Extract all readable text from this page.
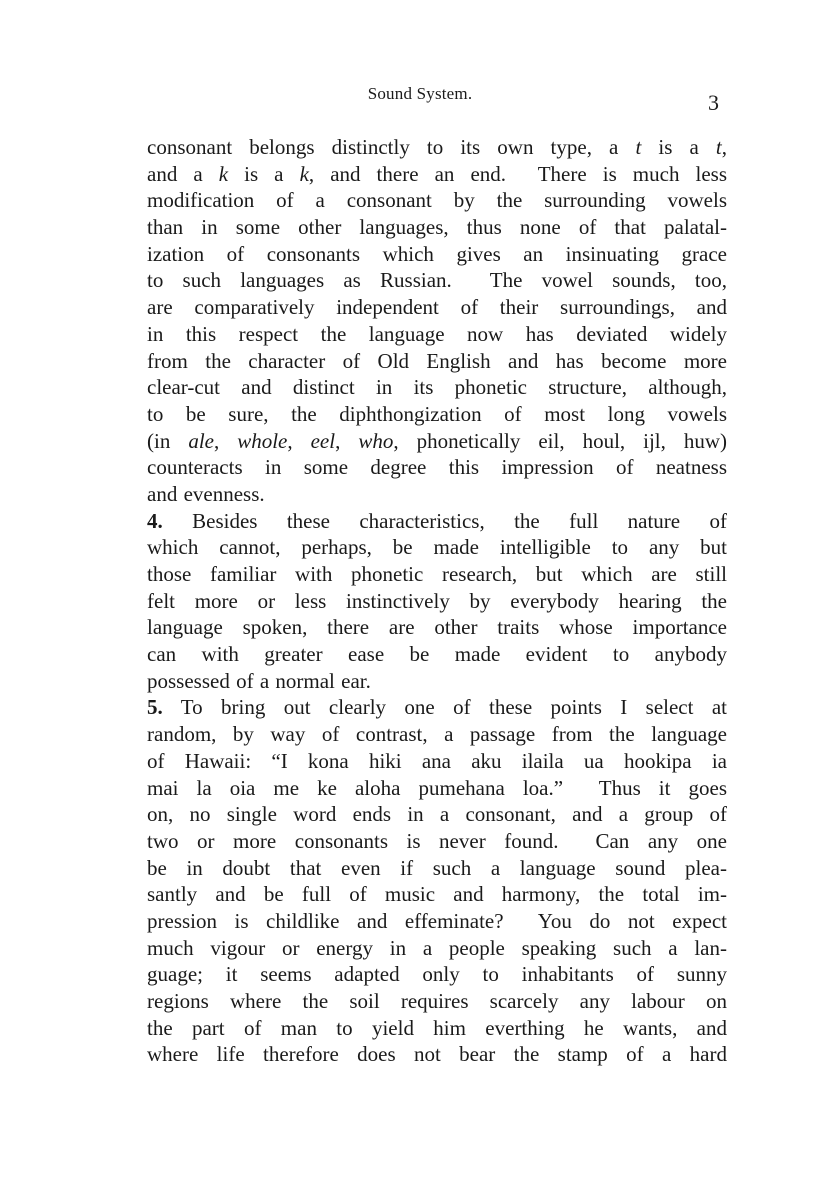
Sound System.	3
consonant belongs distinctly to its own type, a t is a t,
and a k is a k, and there an end.  There is much less
modification of a consonant by the surrounding vowels
than in some other languages, thus none of that palatal-
ization of consonants which gives an insinuating grace
to such languages as Russian.  The vowel sounds, too,
are comparatively independent of their surroundings, and
in this respect the language now has deviated widely
from the character of Old English and has become more
clear-cut and distinct in its phonetic structure, although,
to be sure, the diphthongization of most long vowels
(in ale, whole, eel, who, phonetically eil, houl, ijl, huw)
counteracts in some degree this impression of neatness
and evenness.
4. Besides these characteristics, the full nature of
which cannot, perhaps, be made intelligible to any but
those familiar with phonetic research, but which are still
felt more or less instinctively by everybody hearing the
language spoken, there are other traits whose importance
can with greater ease be made evident to anybody
possessed of a normal ear.
5. To bring out clearly one of these points I select at
random, by way of contrast, a passage from the language
of Hawaii: “I kona hiki ana aku ilaila ua hookipa ia
mai la oia me ke aloha pumehana loa.”  Thus it goes
on, no single word ends in a consonant, and a group of
two or more consonants is never found.  Can any one
be in doubt that even if such a language sound plea-
santly and be full of music and harmony, the total im-
pression is childlike and effeminate?  You do not expect
much vigour or energy in a people speaking such a lan-
guage; it seems adapted only to inhabitants of sunny
regions where the soil requires scarcely any labour on
the part of man to yield him everthing he wants, and
where life therefore does not bear the stamp of a hard
